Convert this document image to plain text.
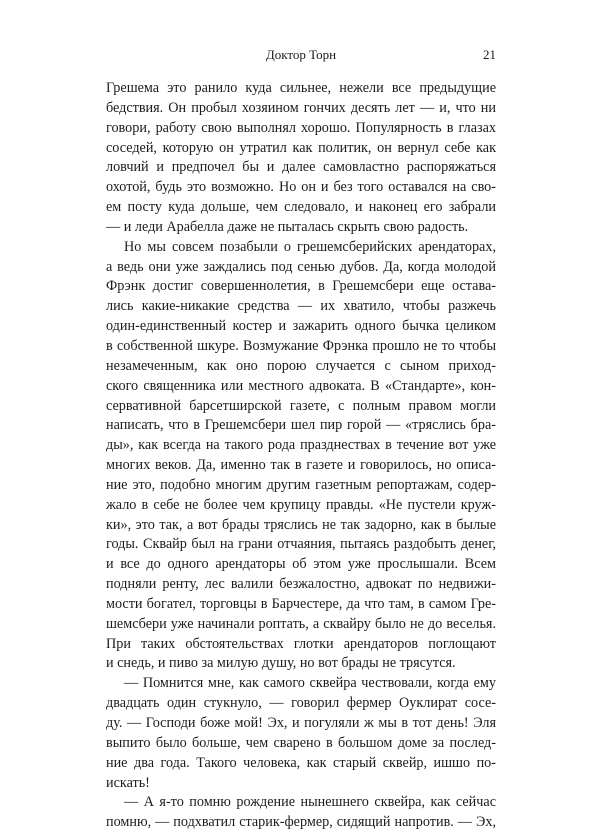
Доктор Торн	21
Грешема это ранило куда сильнее, нежели все предыдущие
бедствия. Он пробыл хозяином гончих десять лет — и, что ни
говори, работу свою выполнял хорошо. Популярность в глазах
соседей, которую он утратил как политик, он вернул себе как
ловчий и предпочел бы и далее самовластно распоряжаться
охотой, будь это возможно. Но он и без того оставался на сво-
ем посту куда дольше, чем следовало, и наконец его забрали
— и леди Арабелла даже не пыталась скрыть свою радость.
Но мы совсем позабыли о грешемсберийских арендаторах,
а ведь они уже заждались под сенью дубов. Да, когда молодой
Фрэнк достиг совершеннолетия, в Грешемсбери еще остава-
лись какие-никакие средства — их хватило, чтобы разжечь
один-единственный костер и зажарить одного бычка целиком
в собственной шкуре. Возмужание Фрэнка прошло не то чтобы
незамеченным, как оно порою случается с сыном приход-
ского священника или местного адвоката. В «Стандарте», кон-
сервативной барсетширской газете, с полным правом могли
написать, что в Грешемсбери шел пир горой — «тряслись бра-
ды», как всегда на такого рода празднествах в течение вот уже
многих веков. Да, именно так в газете и говорилось, но описа-
ние это, подобно многим другим газетным репортажам, содер-
жало в себе не более чем крупицу правды. «Не пустели круж-
ки», это так, а вот брады тряслись не так задорно, как в былые
годы. Сквайр был на грани отчаяния, пытаясь раздобыть денег,
и все до одного арендаторы об этом уже прослышали. Всем
подняли ренту, лес валили безжалостно, адвокат по недвижи-
мости богател, торговцы в Барчестере, да что там, в самом Гре-
шемсбери уже начинали роптать, а сквайру было не до веселья.
При таких обстоятельствах глотки арендаторов поглощают
и снедь, и пиво за милую душу, но вот брады не трясутся.
— Помнится мне, как самого сквейра чествовали, когда ему
двадцать один стукнуло, — говорил фермер Оуклират сосе-
ду. — Господи боже мой! Эх, и погуляли ж мы в тот день! Эля
выпито было больше, чем сварено в большом доме за послед-
ние два года. Такого человека, как старый сквейр, ишшо по-
искать!
— А я-то помню рождение нынешнего сквейра, как сейчас
помню, — подхватил старик-фермер, сидящий напротив. — Эх,
